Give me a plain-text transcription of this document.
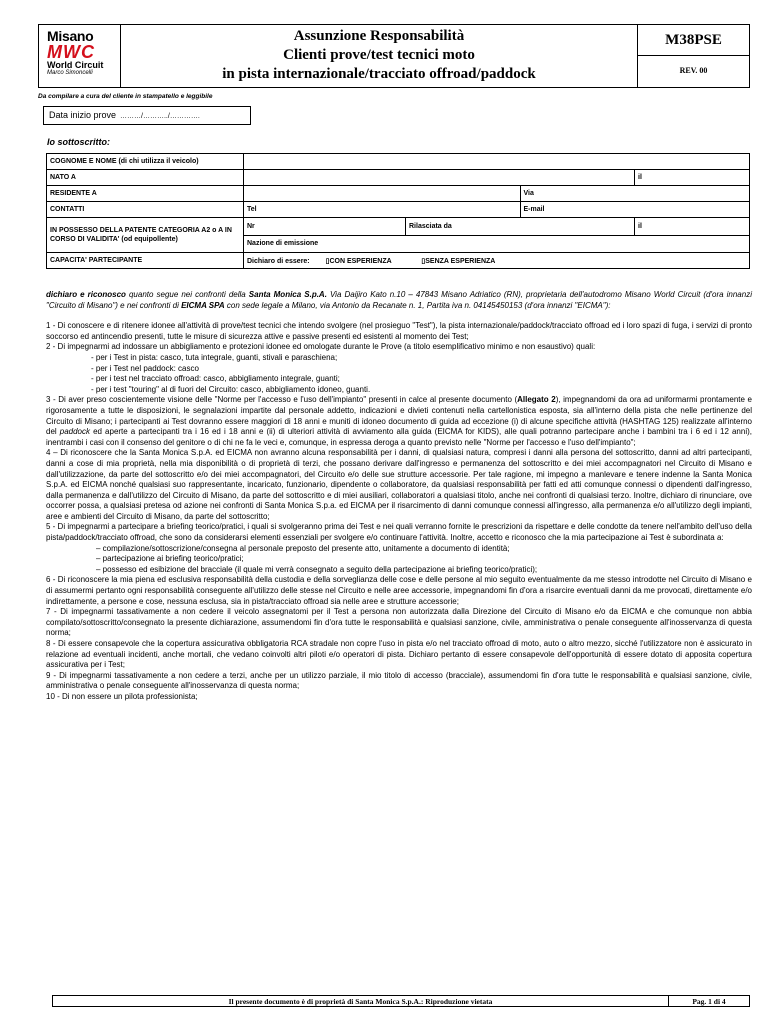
Misano
MWC
World Circuit
Marco Simoncelli
Assunzione Responsabilità
Clienti prove/test tecnici moto
in pista internazionale/tracciato offroad/paddock
M38PSE
REV. 00
Da compilare a cura del cliente in stampatello e leggibile
Data inizio prove ………/………../………….
Io sottoscritto:
COGNOME E NOME (di chi utilizza il veicolo)				
NATO A				il
RESIDENTE A			Via	
CONTATTI	Tel		E-mail	
IN POSSESSO DELLA PATENTE CATEGORIA A2 o A IN CORSO DI VALIDITA' (od equipollente)	Nr	Rilasciata da		il
	Nazione di emissione			
CAPACITA' PARTECIPANTE	Dichiaro di essere: ▯CON ESPERIENZA ▯SENZA ESPERIENZA			

dichiaro e riconosco quanto segue nei confronti della Santa Monica S.p.A. Via Daijiro Kato n.10 – 47843 Misano Adriatico (RN), proprietaria dell'autodromo Misano World Circuit (d'ora innanzi "Circuito di Misano") e nei confronti di EICMA SPA con sede legale a Milano, via Antonio da Recanate n. 1, Partita iva n. 04145450153 (d'ora innanzi "EICMA"):

1 - Di conoscere e di ritenere idonee all'attività di prove/test tecnici che intendo svolgere (nel prosieguo "Test"), la pista internazionale/paddock/tracciato offroad ed i loro spazi di fuga, i servizi di pronto soccorso ed antincendio presenti, tutte le misure di sicurezza attive e passive presenti ed esistenti al momento dei Test;

2 - Di impegnarmi ad indossare un abbigliamento e protezioni idonee ed omologate durante le Prove (a titolo esemplificativo minimo e non esaustivo) quali:

- per i Test in pista: casco, tuta integrale, guanti, stivali e paraschiena;

- per i Test nel paddock: casco

- per i test nel tracciato offroad: casco, abbigliamento integrale, guanti;

- per i test "touring" al di fuori del Circuito: casco, abbigliamento idoneo, guanti.

3 - Di aver preso coscientemente visione delle "Norme per l'accesso e l'uso dell'impianto" presenti in calce al presente documento (Allegato 2), impegnandomi da ora ad uniformarmi prontamente e rigorosamente a tutte le disposizioni, le segnalazioni impartite dal personale addetto, indicazioni e divieti contenuti nella cartellonistica esposta, sia all'interno della pista che nelle pertinenze del Circuito di Misano; i partecipanti ai Test dovranno essere maggiori di 18 anni e muniti di idoneo documento di guida ad eccezione (i) di alcune specifiche attività (HASHTAG 125) realizzate all'interno del paddock ed aperte a partecipanti tra i 16 ed i 18 anni e (ii) di ulteriori attività di avviamento alla guida (EICMA for KIDS), alle quali potranno partecipare anche i bambini tra i 6 ed i 12 anni), inentrambi i casi con il consenso del genitore o di chi ne fa le veci e, comunque, in espressa deroga a quanto previsto nelle "Norme per l'accesso e l'uso dell'impianto";

4 – Di riconoscere che la Santa Monica S.p.A. ed EICMA non avranno alcuna responsabilità per i danni, di qualsiasi natura, compresi i danni alla persona del sottoscritto, danni ad altri partecipanti, danni a cose di mia proprietà, nella mia disponibilità o di proprietà di terzi, che possano derivare dall'ingresso e permanenza del sottoscritto e dei miei accompagnatori nel Circuito di Misano e dall'utilizzazione, da parte del sottoscritto e/o dei miei accompagnatori, del Circuito e/o delle sue strutture accessorie. Per tale ragione, mi impegno a manlevare e tenere indenne la Santa Monica S.p.A. ed EICMA nonché qualsiasi suo rappresentante, incaricato, funzionario, dipendente o collaboratore, da qualsiasi responsabilità per fatti ed atti comunque connessi o dipendenti dall'ingresso, dalla permanenza e dall'utilizzo del Circuito di Misano, da parte del sottoscritto e di miei ausiliari, collaboratori a qualsiasi titolo, anche nei confronti di qualsiasi terzo. Inoltre, dichiaro di rinunciare, ove occorrer possa, a qualsiasi pretesa od azione nei confronti di Santa Monica S.p.a. ed EICMA per il risarcimento di danni comunque connessi all'ingresso, alla permanenza e/o all'utilizzo degli impianti, aree e ambienti del Circuito di Misano, da parte del sottoscritto;

5 - Di impegnarmi a partecipare a briefing teorico/pratici, i quali si svolgeranno prima dei Test e nei quali verranno fornite le prescrizioni da rispettare e delle condotte da tenere nell'ambito dell'uso della pista/paddock/tracciato offroad, che sono da considerarsi elementi essenziali per svolgere e/o continuare l'attività. Inoltre, accetto e riconosco che la mia partecipazione ai Test è subordinata a:

– compilazione/sottoscrizione/consegna al personale preposto del presente atto, unitamente a documento di identità;

– partecipazione ai briefing teorico/pratici;

– possesso ed esibizione del bracciale (il quale mi verrà consegnato a seguito della partecipazione ai briefing teorico/pratici);

6 - Di riconoscere la mia piena ed esclusiva responsabilità della custodia e della sorveglianza delle cose e delle persone al mio seguito eventualmente da me stesso introdotte nel Circuito di Misano e di assumermi pertanto ogni responsabilità conseguente all'utilizzo delle stesse nel Circuito e nelle aree accessorie, impegnandomi fin d'ora a risarcire eventuali danni da me provocati, direttamente e/o indirettamente, a persone e cose, nessuna esclusa, sia in pista/tracciato offroad sia nelle aree e strutture accessorie;

7 - Di impegnarmi tassativamente a non cedere il veicolo assegnatomi per il Test a persona non autorizzata dalla Direzione del Circuito di Misano e/o da EICMA e che comunque non abbia compilato/sottoscritto/consegnato la presente dichiarazione, assumendomi fin d'ora tutte le responsabilità e qualsiasi sanzione, civile, amministrativa o penale conseguente all'inosservanza di questa norma;

8 - Di essere consapevole che la copertura assicurativa obbligatoria RCA stradale non copre l'uso in pista e/o nel tracciato offroad di moto, auto o altro mezzo, sicché l'utilizzatore non è assicurato in relazione ad eventuali incidenti, anche mortali, che vedano coinvolti altri piloti e/o operatori di pista. Dichiaro pertanto di essere consapevole dell'opportunità di essere dotato di apposita copertura assicurativa per i Test;

9 - Di impegnarmi tassativamente a non cedere a terzi, anche per un utilizzo parziale, il mio titolo di accesso (bracciale), assumendomi fin d'ora tutte le responsabilità e qualsiasi sanzione, civile, amministrativa o penale conseguente all'inosservanza di questa norma;

10 - Di non essere un pilota professionista;

Il presente documento è di proprietà di Santa Monica S.p.A.: Riproduzione vietata	Pag. 1 di 4
